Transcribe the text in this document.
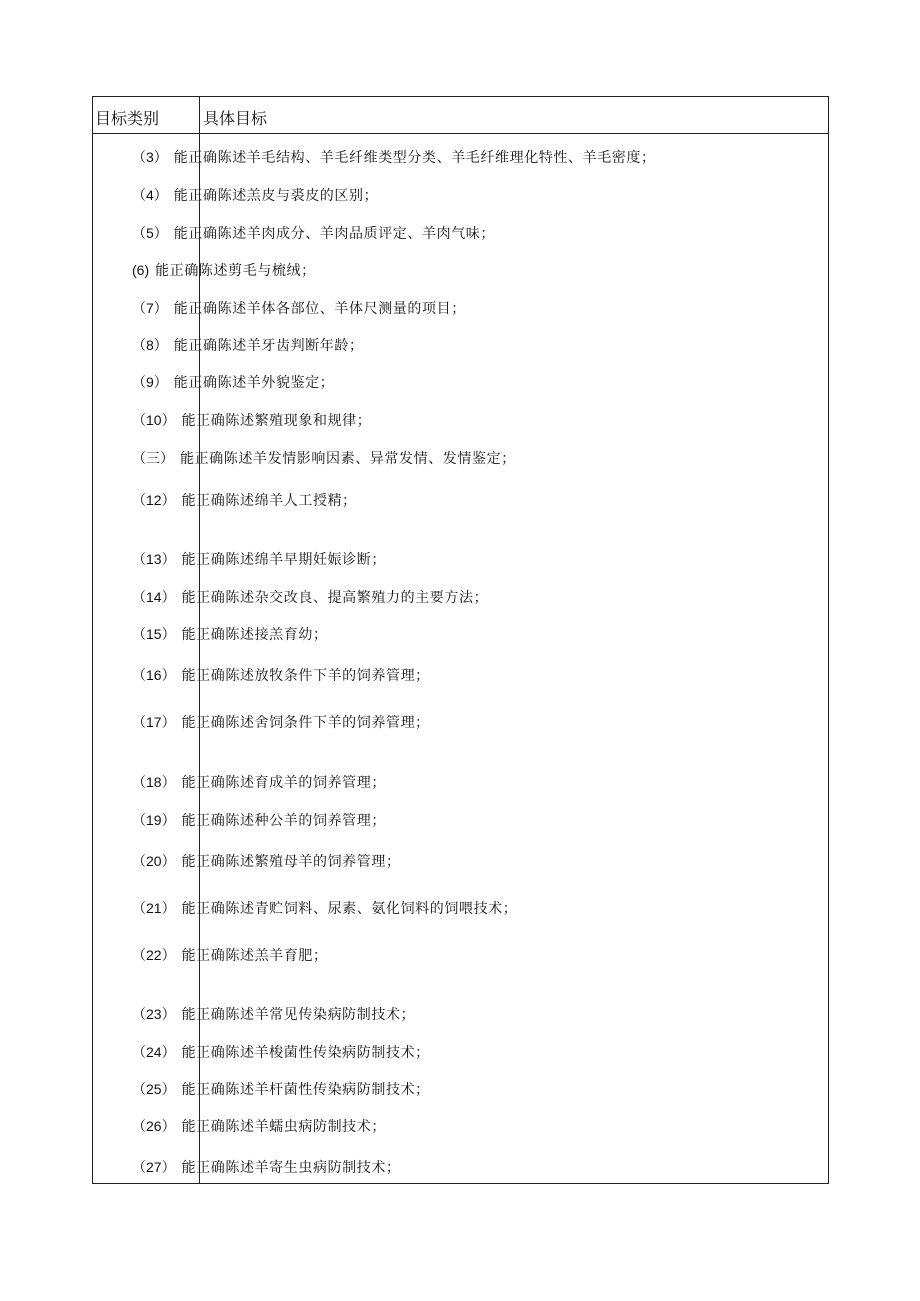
目标类别	具体目标
（3） 能正确陈述羊毛结构、羊毛纤维类型分类、羊毛纤维理化特性、羊毛密度；
（4） 能正确陈述羔皮与裘皮的区别；
（5） 能正确陈述羊肉成分、羊肉品质评定、羊肉气味；
(6) 能正确陈述剪毛与梳绒；
（7） 能正确陈述羊体各部位、羊体尺测量的项目；
（8） 能正确陈述羊牙齿判断年龄；
（9） 能正确陈述羊外貌鉴定；
（10） 能正确陈述繁殖现象和规律；
（三） 能正确陈述羊发情影响因素、异常发情、发情鉴定；
（12） 能正确陈述绵羊人工授精；
（13） 能正确陈述绵羊早期妊娠诊断；
（14） 能正确陈述杂交改良、提高繁殖力的主要方法；
（15） 能正确陈述接羔育幼；
（16） 能正确陈述放牧条件下羊的饲养管理；
（17） 能正确陈述舍饲条件下羊的饲养管理；
（18） 能正确陈述育成羊的饲养管理；
（19） 能正确陈述种公羊的饲养管理；
（20） 能正确陈述繁殖母羊的饲养管理；
（21） 能正确陈述青贮饲料、尿素、氨化饲料的饲喂技术；
（22） 能正确陈述羔羊育肥；
（23） 能正确陈述羊常见传染病防制技术；
（24） 能正确陈述羊梭菌性传染病防制技术；
（25） 能正确陈述羊杆菌性传染病防制技术；
（26） 能正确陈述羊蠕虫病防制技术；
（27） 能正确陈述羊寄生虫病防制技术；
